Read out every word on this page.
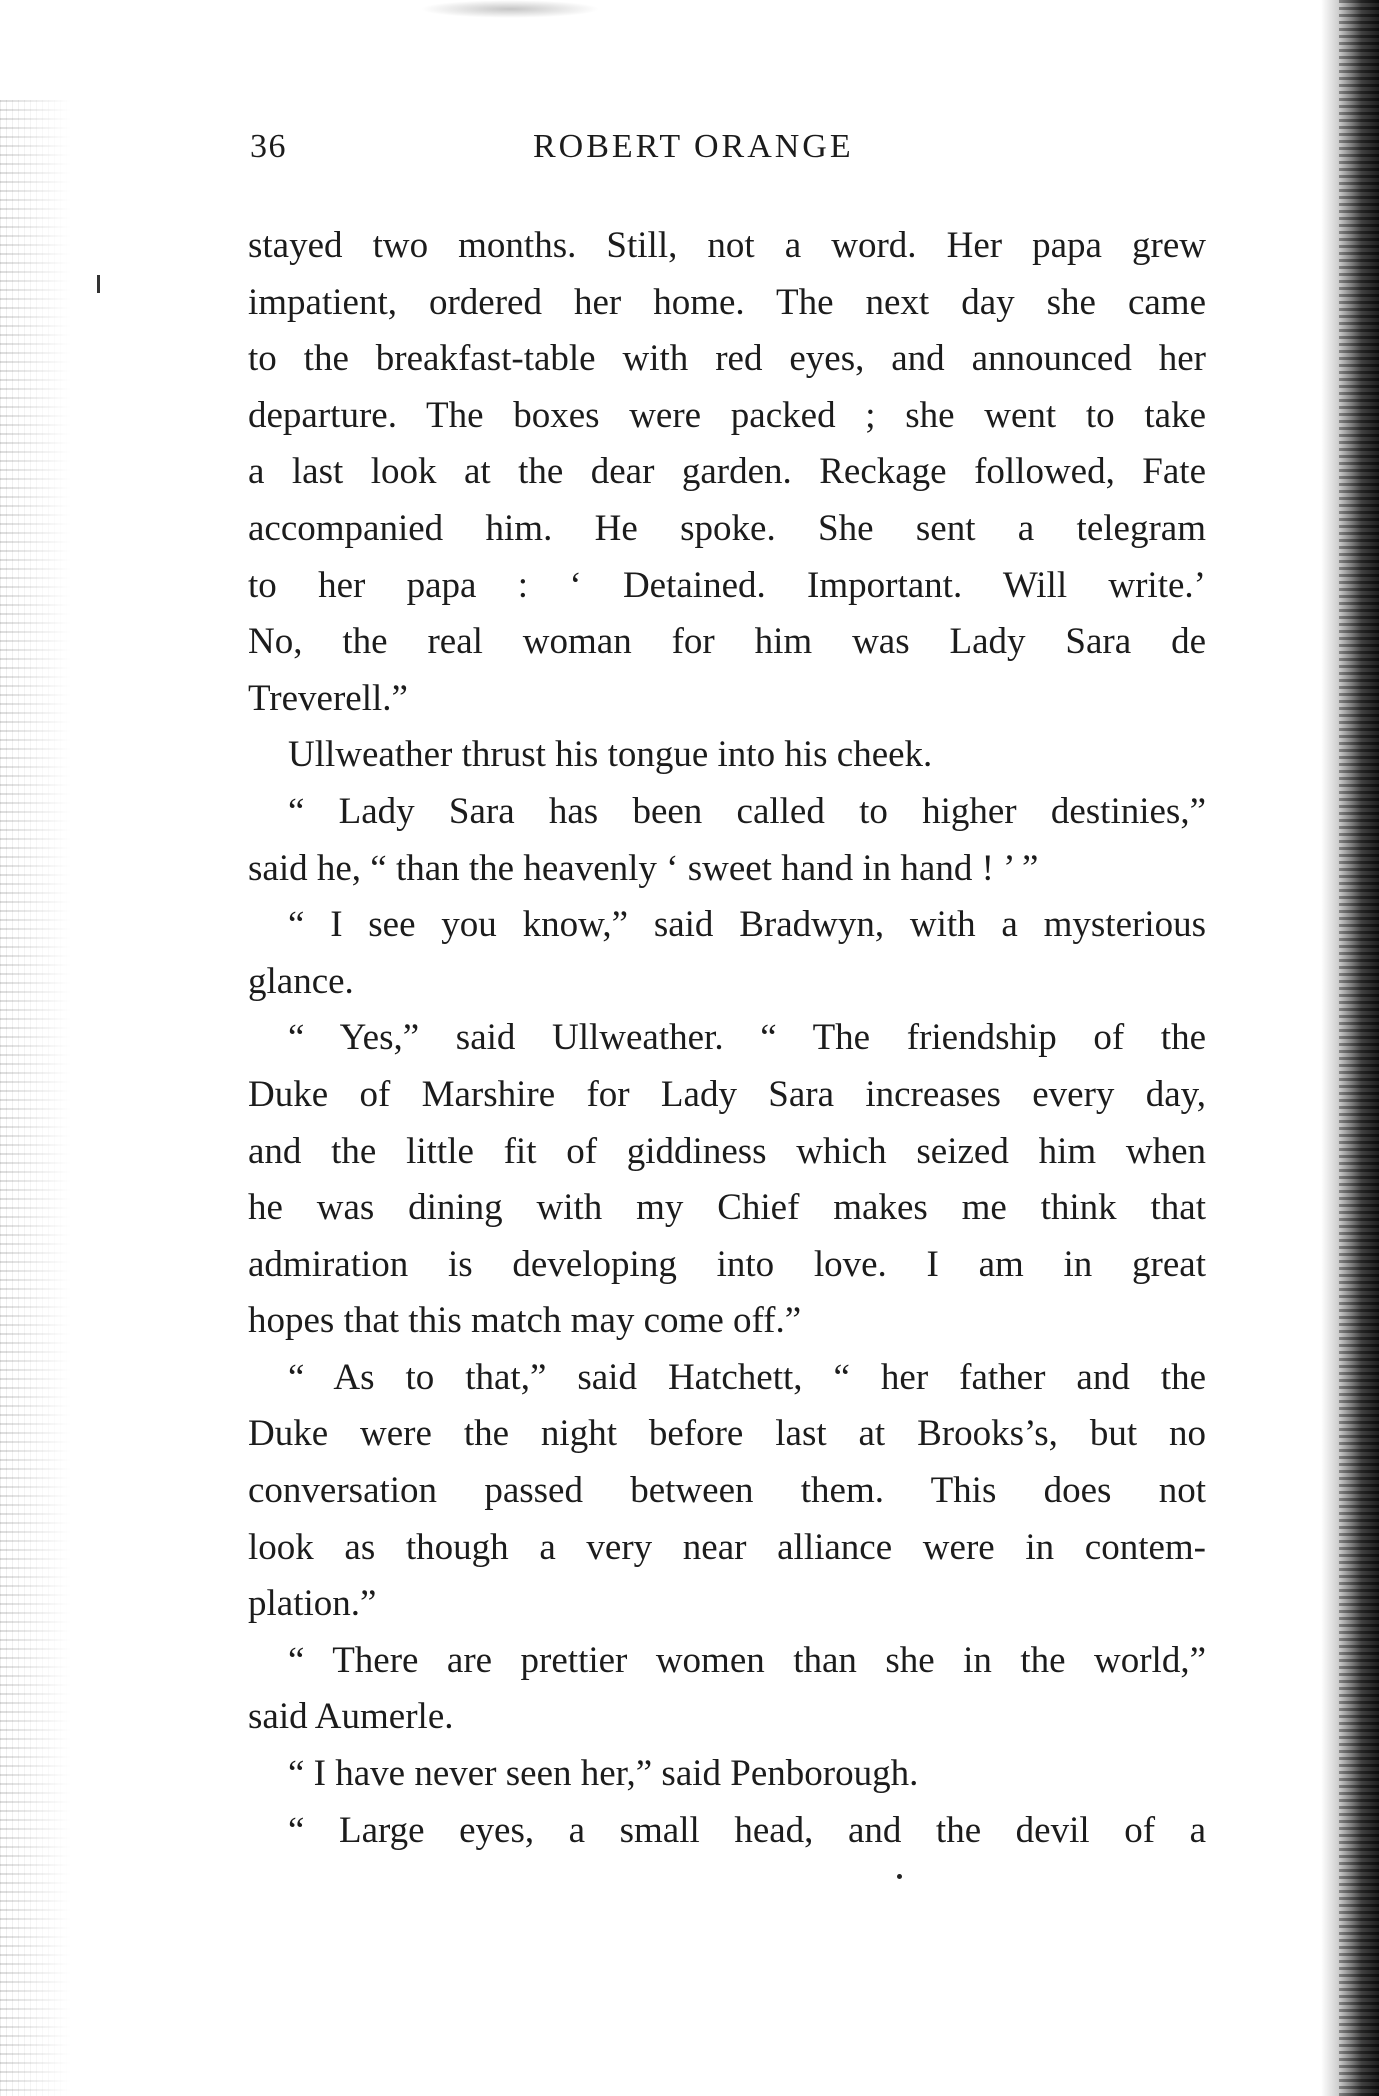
36	ROBERT ORANGE
stayed two months. Still, not a word. Her papa grew
impatient, ordered her home. The next day she came
to the breakfast-table with red eyes, and announced her
departure. The boxes were packed ; she went to take
a last look at the dear garden. Reckage followed, Fate
accompanied him. He spoke. She sent a telegram
to her papa : ‘ Detained. Important. Will write.’
No, the real woman for him was Lady Sara de
Treverell.”
Ullweather thrust his tongue into his cheek.
“ Lady Sara has been called to higher destinies,”
said he, “ than the heavenly ‘ sweet hand in hand ! ’ ”
“ I see you know,” said Bradwyn, with a mysterious
glance.
“ Yes,” said Ullweather. “ The friendship of the
Duke of Marshire for Lady Sara increases every day,
and the little fit of giddiness which seized him when
he was dining with my Chief makes me think that
admiration is developing into love. I am in great
hopes that this match may come off.”
“ As to that,” said Hatchett, “ her father and the
Duke were the night before last at Brooks’s, but no
conversation passed between them. This does not
look as though a very near alliance were in contem-
plation.”
“ There are prettier women than she in the world,”
said Aumerle.
“ I have never seen her,” said Penborough.
“ Large eyes, a small head, and the devil of a
